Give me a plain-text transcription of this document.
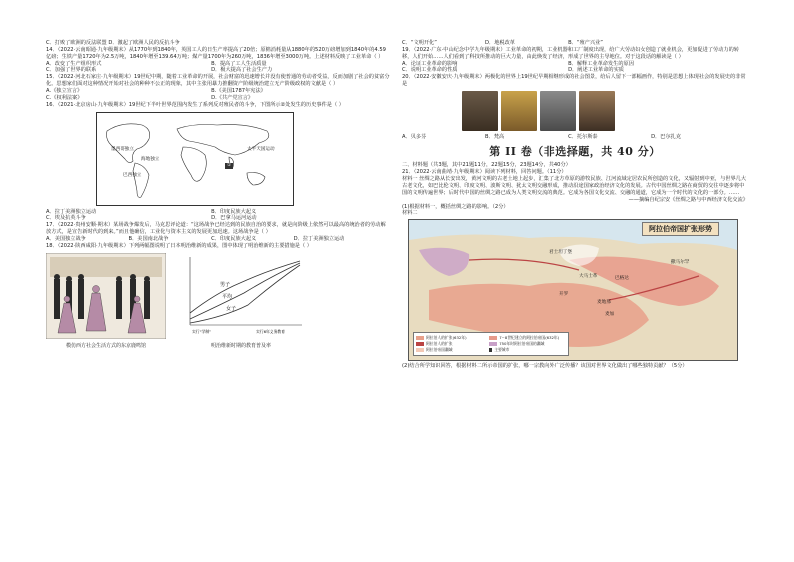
C．打败了欧洲的反法联盟 D．激起了欧洲人民的反抗斗争

14．（2022·云南昭通·九年级期末）从1770年到1840年，英国工人的日生产率提高了20倍；原棉消耗量从1880年的520万磅增加到1840年的4.59亿磅；生铁产量1720年为2.5万吨，1840年增至139.64万吨；煤产量1700年为260万吨，1836年增至3000万吨。上述材料反映了工业革命（ ）

A．改变了生产组织形式	B．提高了工人生活质量
C．加强了世界的联系	D．极大提高了社会生产力

15．（2022·河北石家庄·九年级期末）19世纪中期，随着工业革命的开展，社会财富的迅速增长并没有使普通的劳动者受益，反而加剧了社会的贫富分化。思想家们面对这种情况开始对社会的种种不公正的现象，其中主张用暴力推翻资产阶级统治建立无产阶级政权的文献是（ ）

A.《独立宣言》	B.《美国1787年宪法》
C.《权利法案》	D.《共产党宣言》

16．（2021·北京房山·九年级期末）19世纪下半叶世界范围内发生了系列反对殖民者的斗争，下图所示②处发生的历史事件是（ ）

墨西哥独立	太平天国运动
海地独立
巴西独立
①

A．拉丁美洲独立运动	B．印度民族大起义
C．埃及抗英斗争	D．巴拿马运河运动

17．（2022·贵州安顺·期末）某场战争爆发后，马克思评论道：“这场战争已经达到的民族自治的要求，就是向阶级上依然可以最高的统治者的劳动解放方式，是宣告新时代的到来。”而且他确信，工业化与资本主义的发展更加迅速。这场战争是（ ）

A．美国独立战争	B．美国南北战争	C．印度民族大起义	D．拉丁美洲独立运动

18．（2022·陕西咸阳·九年级期末）下列两幅图说明了日本明治维新的成果，图中体现了明治维新的主要措施是（ ）

模仿西方社会生活方式的东京鹿鸣馆
男子
平均
女子
实行“学制”	实行6年义务教育
明治维新时期的教育普及率

C．“文明开化”	D．地税改革	B．“殖产兴业”

19．（2022·广东·中山纪念中学九年级期末）工业革命的初期，工业机器和工厂制度出现，给广大劳动妇女创造了就业机会，更加促进了劳动力的转移，人们开始……人们看到了科技所推动的巨大力量，由此焕发了经济，形成了世界的主导地位。对于这段话的解读是（ ）

A．论证工业革命的影响	B．解释工业革命发生的原因
C．说明工业革命的性质	D．阐述工业革命的实质

20．（2022·安徽安庆·九年级期末）两极化的世界上19世纪早期相继形成的社会图景，给后人留下一部幅画作，特别是思想上体现社会的发展史的非常是

A．贝多芬	B．梵高	C．托尔斯泰	D．巴尔扎克

第 II 卷（非选择题，共 40 分）

二、材料题（共3题，其中21题11分，22题15分，23题14分，共40分）

21．（2022·云南曲靖·九年级期末）阅读下列材料，回答问题。（11分）

材料一 丝绸之路从长安出发，黄河文明的古老土地上起步，汇集了北方草原的游牧民族、江河流域定居农民所创造的文化，又辐射到中亚，与世界几大古老文化，如巴比伦文明、印度文明、波斯文明、犹太文明交融形成，推动沿途国家政治经济文化的发展。古代中国丝绸之路在商贸的交往中逐步将中国的文明传遍世界；后时代中国的丝绸之路已成为人类文明交流的典范。它成为各国文化交流、交融的通道，它成为一个时代的文化的一部分。……

——摘编自纪宗安《丝绸之路与中西经济文化交流》

(1)根据材料一，概括丝绸之路的影响。（2分）

材料二

阿拉伯帝国扩张形势
君士坦丁堡
大马士革	巴格达
麦加
麦地那
撒马尔罕
开罗
阿拉伯人的扩张(632年)	7~8世纪建立的阿拉伯帝国(632年) 阿拉伯人的扩张	750年时阿拉伯帝国的疆域 阿拉伯帝国疆域	主要城市

(2)结合所学知识回答，根据材料二所示帝国的扩张，哪一宗教向外广泛传播？该国对世界文化做出了哪些独特贡献？（5分）
